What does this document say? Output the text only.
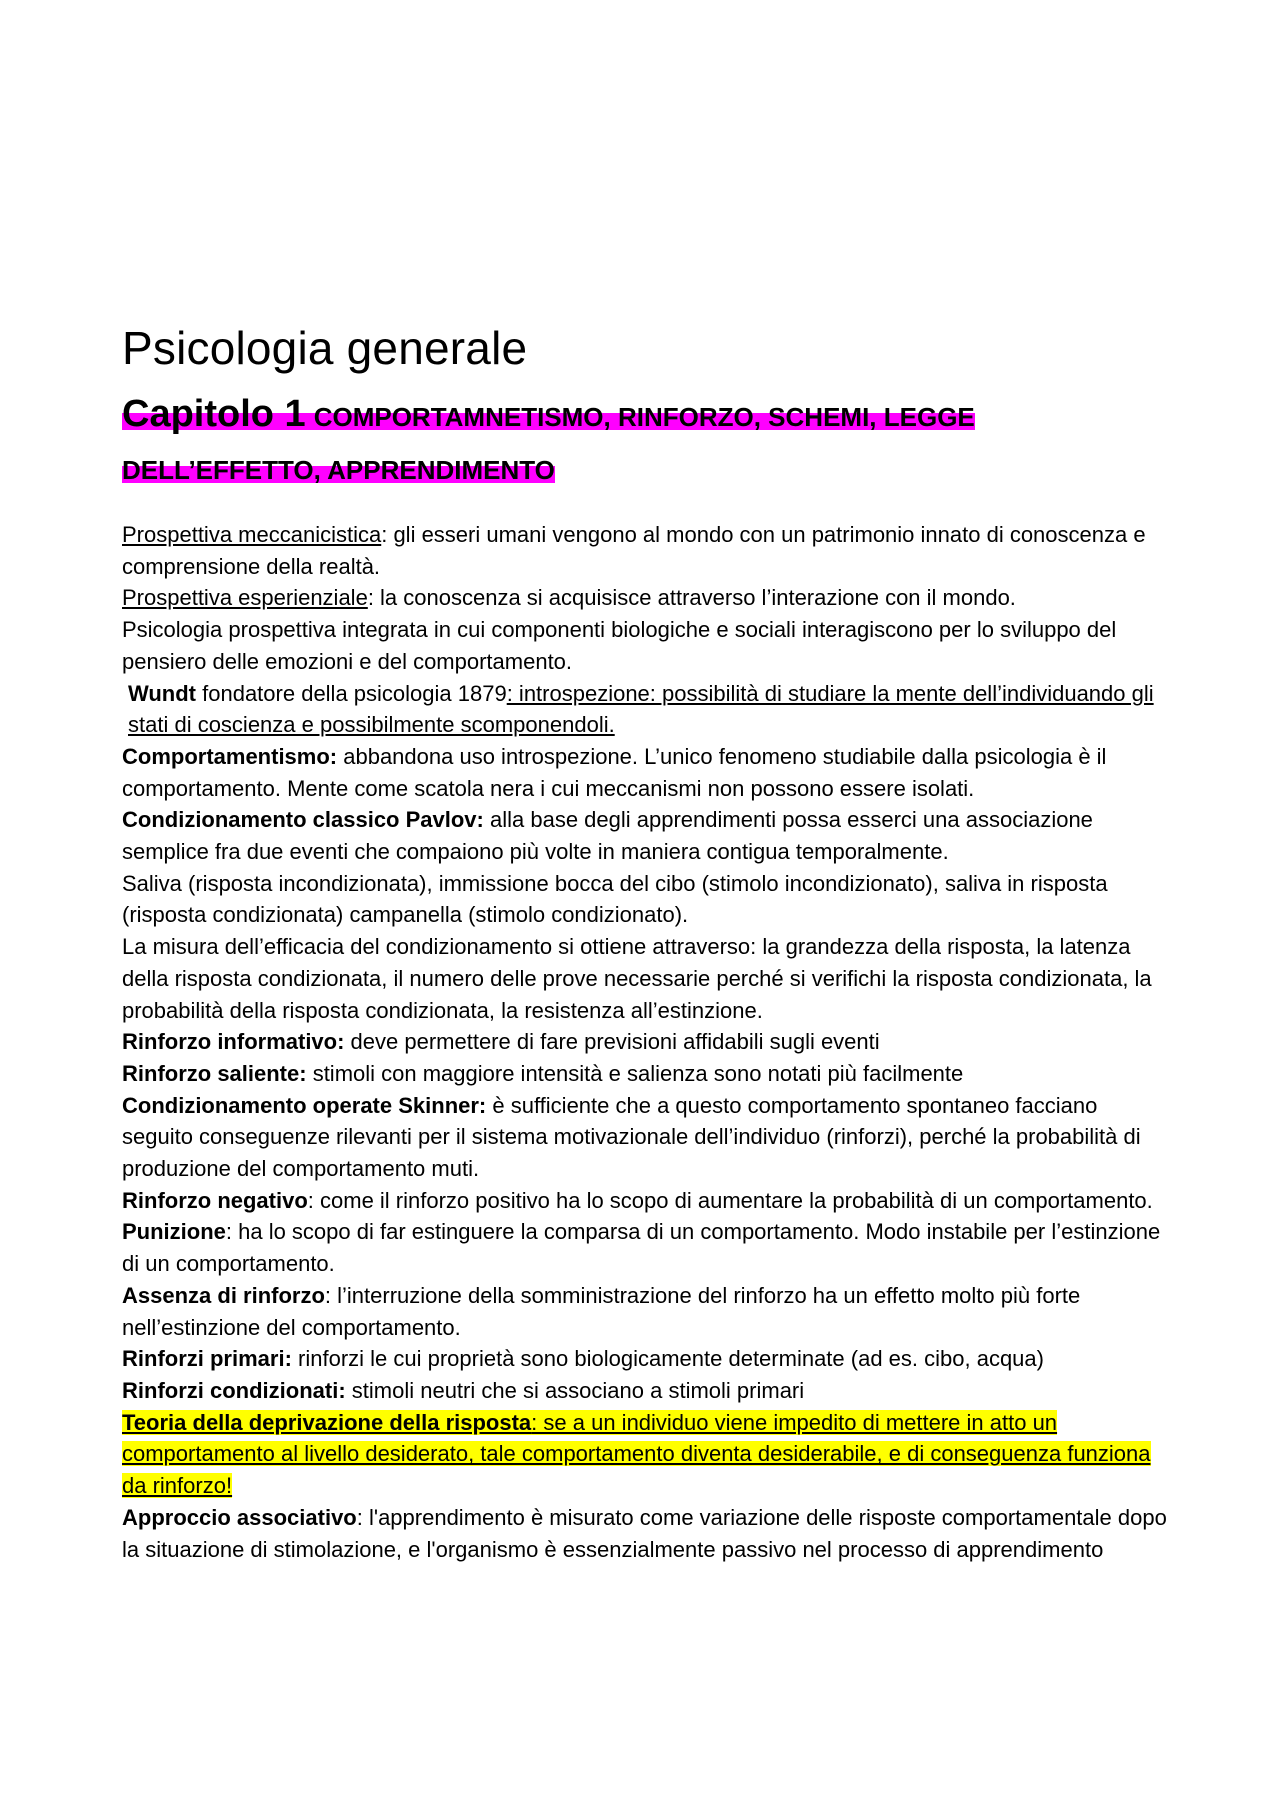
Psicologia generale
Capitolo 1 COMPORTAMNETISMO, RINFORZO, SCHEMI, LEGGE DELL’EFFETTO, APPRENDIMENTO

Prospettiva meccanicistica: gli esseri umani vengono al mondo con un patrimonio innato di conoscenza e comprensione della realtà.

Prospettiva esperienziale: la conoscenza si acquisisce attraverso l’interazione con il mondo.

Psicologia prospettiva integrata in cui componenti biologiche e sociali interagiscono per lo sviluppo del pensiero delle emozioni e del comportamento.

Wundt fondatore della psicologia 1879: introspezione: possibilità di studiare la mente dell’individuando gli stati di coscienza e possibilmente scomponendoli.

Comportamentismo: abbandona uso introspezione. L’unico fenomeno studiabile dalla psicologia è il comportamento. Mente come scatola nera i cui meccanismi non possono essere isolati.

Condizionamento classico Pavlov: alla base degli apprendimenti possa esserci una associazione semplice fra due eventi che compaiono più volte in maniera contigua temporalmente.

Saliva (risposta incondizionata), immissione bocca del cibo (stimolo incondizionato), saliva in risposta (risposta condizionata) campanella (stimolo condizionato).

La misura dell’efficacia del condizionamento si ottiene attraverso: la grandezza della risposta, la latenza della risposta condizionata, il numero delle prove necessarie perché si verifichi la risposta condizionata, la probabilità della risposta condizionata, la resistenza all’estinzione.

Rinforzo informativo: deve permettere di fare previsioni affidabili sugli eventi

Rinforzo saliente: stimoli con maggiore intensità e salienza sono notati più facilmente

Condizionamento operate Skinner: è sufficiente che a questo comportamento spontaneo facciano seguito conseguenze rilevanti per il sistema motivazionale dell’individuo (rinforzi), perché la probabilità di produzione del comportamento muti.

Rinforzo negativo: come il rinforzo positivo ha lo scopo di aumentare la probabilità di un comportamento.

Punizione: ha lo scopo di far estinguere la comparsa di un comportamento. Modo instabile per l’estinzione di un comportamento.

Assenza di rinforzo: l’interruzione della somministrazione del rinforzo ha un effetto molto più forte nell’estinzione del comportamento.

Rinforzi primari: rinforzi le cui proprietà sono biologicamente determinate (ad es. cibo, acqua)

Rinforzi condizionati: stimoli neutri che si associano a stimoli primari

Teoria della deprivazione della risposta: se a un individuo viene impedito di mettere in atto un comportamento al livello desiderato, tale comportamento diventa desiderabile, e di conseguenza funziona da rinforzo!

Approccio associativo: l'apprendimento è misurato come variazione delle risposte comportamentale dopo la situazione di stimolazione, e l'organismo è essenzialmente passivo nel processo di apprendimento
